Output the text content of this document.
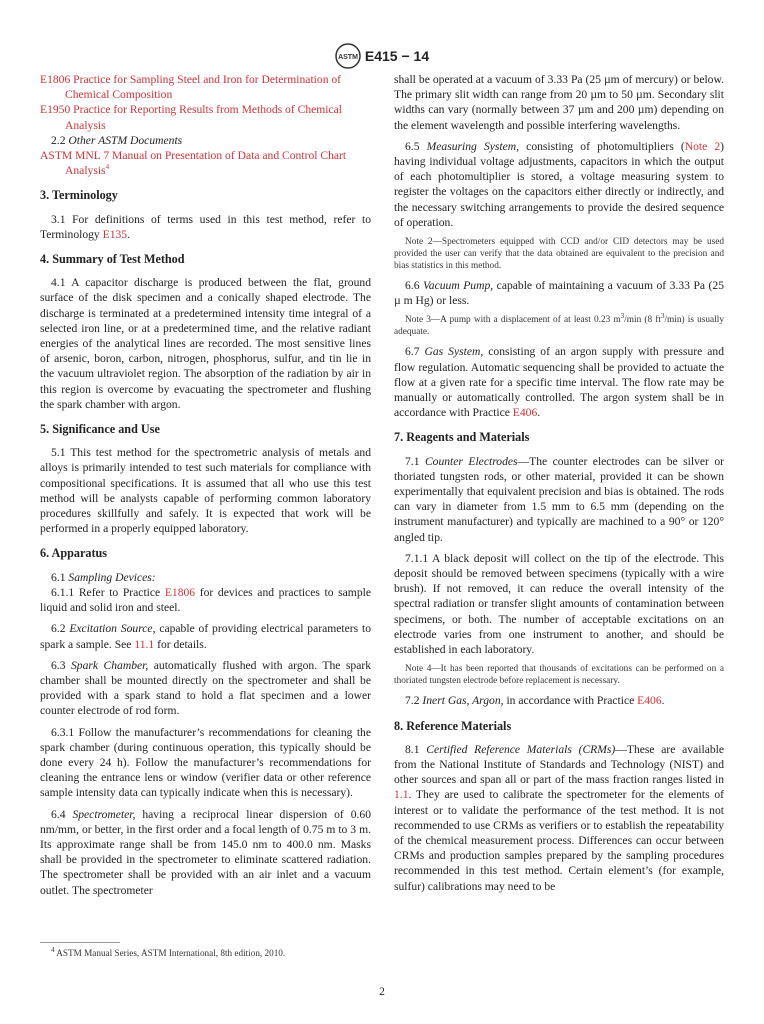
ASTM E415 − 14

E1806 Practice for Sampling Steel and Iron for Determination of Chemical Composition

E1950 Practice for Reporting Results from Methods of Chemical Analysis

2.2 Other ASTM Documents

ASTM MNL 7 Manual on Presentation of Data and Control Chart Analysis$^4$

3. Terminology

3.1 For definitions of terms used in this test method, refer to Terminology E135.

4. Summary of Test Method

4.1 A capacitor discharge is produced between the flat, ground surface of the disk specimen and a conically shaped electrode. The discharge is terminated at a predetermined intensity time integral of a selected iron line, or at a predetermined time, and the relative radiant energies of the analytical lines are recorded. The most sensitive lines of arsenic, boron, carbon, nitrogen, phosphorus, sulfur, and tin lie in the vacuum ultraviolet region. The absorption of the radiation by air in this region is overcome by evacuating the spectrometer and flushing the spark chamber with argon.

5. Significance and Use

5.1 This test method for the spectrometric analysis of metals and alloys is primarily intended to test such materials for compliance with compositional specifications. It is assumed that all who use this test method will be analysts capable of performing common laboratory procedures skillfully and safely. It is expected that work will be performed in a properly equipped laboratory.

6. Apparatus

6.1 Sampling Devices:

6.1.1 Refer to Practice E1806 for devices and practices to sample liquid and solid iron and steel.

6.2 Excitation Source, capable of providing electrical parameters to spark a sample. See 11.1 for details.

6.3 Spark Chamber, automatically flushed with argon. The spark chamber shall be mounted directly on the spectrometer and shall be provided with a spark stand to hold a flat specimen and a lower counter electrode of rod form.

6.3.1 Follow the manufacturer’s recommendations for cleaning the spark chamber (during continuous operation, this typically should be done every 24 h). Follow the manufacturer’s recommendations for cleaning the entrance lens or window (verifier data or other reference sample intensity data can typically indicate when this is necessary).

6.4 Spectrometer, having a reciprocal linear dispersion of 0.60 nm/mm, or better, in the first order and a focal length of 0.75 m to 3 m. Its approximate range shall be from 145.0 nm to 400.0 nm. Masks shall be provided in the spectrometer to eliminate scattered radiation. The spectrometer shall be provided with an air inlet and a vacuum outlet. The spectrometer

$^4$ ASTM Manual Series, ASTM International, 8th edition, 2010.

shall be operated at a vacuum of 3.33 Pa (25 µm of mercury) or below. The primary slit width can range from 20 µm to 50 µm. Secondary slit widths can vary (normally between 37 µm and 200 µm) depending on the element wavelength and possible interfering wavelengths.

6.5 Measuring System, consisting of photomultipliers (Note 2) having individual voltage adjustments, capacitors in which the output of each photomultiplier is stored, a voltage measuring system to register the voltages on the capacitors either directly or indirectly, and the necessary switching arrangements to provide the desired sequence of operation.

Note 2—Spectrometers equipped with CCD and/or CID detectors may be used provided the user can verify that the data obtained are equivalent to the precision and bias statistics in this method.

6.6 Vacuum Pump, capable of maintaining a vacuum of 3.33 Pa (25 µ m Hg) or less.

Note 3—A pump with a displacement of at least 0.23 $m^3/\min$ (8 $ft^3/\min$) is usually adequate.

6.7 Gas System, consisting of an argon supply with pressure and flow regulation. Automatic sequencing shall be provided to actuate the flow at a given rate for a specific time interval. The flow rate may be manually or automatically controlled. The argon system shall be in accordance with Practice E406.

7. Reagents and Materials

7.1 Counter Electrodes—The counter electrodes can be silver or thoriated tungsten rods, or other material, provided it can be shown experimentally that equivalent precision and bias is obtained. The rods can vary in diameter from 1.5 mm to 6.5 mm (depending on the instrument manufacturer) and typically are machined to a 90° or 120° angled tip.

7.1.1 A black deposit will collect on the tip of the electrode. This deposit should be removed between specimens (typically with a wire brush). If not removed, it can reduce the overall intensity of the spectral radiation or transfer slight amounts of contamination between specimens, or both. The number of acceptable excitations on an electrode varies from one instrument to another, and should be established in each laboratory.

Note 4—It has been reported that thousands of excitations can be performed on a thoriated tungsten electrode before replacement is necessary.

7.2 Inert Gas, Argon, in accordance with Practice E406.

8. Reference Materials

8.1 Certified Reference Materials (CRMs)—These are available from the National Institute of Standards and Technology (NIST) and other sources and span all or part of the mass fraction ranges listed in 1.1. They are used to calibrate the spectrometer for the elements of interest or to validate the performance of the test method. It is not recommended to use CRMs as verifiers or to establish the repeatability of the chemical measurement process. Differences can occur between CRMs and production samples prepared by the sampling procedures recommended in this test method. Certain element’s (for example, sulfur) calibrations may need to be

2
